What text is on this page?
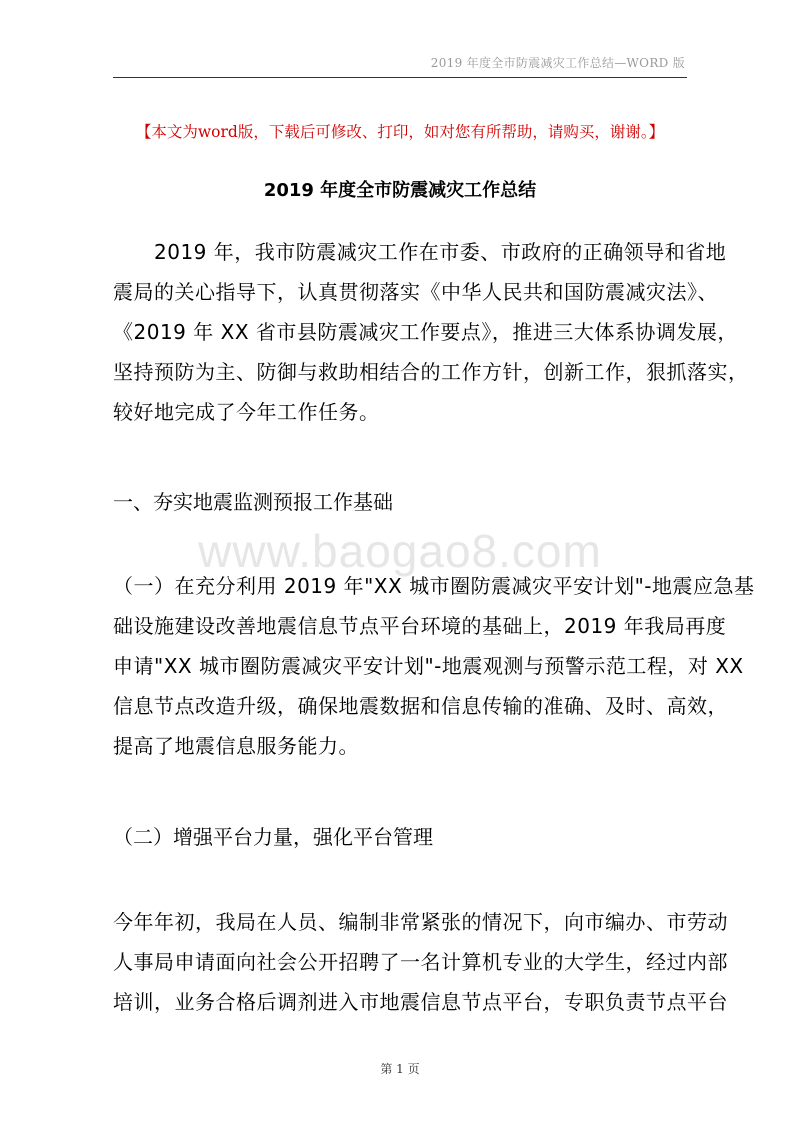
2019 年度全市防震减灾工作总结—WORD 版
【本文为word版，下载后可修改、打印，如对您有所帮助，请购买，谢谢。】
2019 年度全市防震减灾工作总结
　　2019 年，我市防震减灾工作在市委、市政府的正确领导和省地
震局的关心指导下，认真贯彻落实《中华人民共和国防震减灾法》、
《2019 年 XX 省市县防震减灾工作要点》，推进三大体系协调发展，
坚持预防为主、防御与救助相结合的工作方针，创新工作，狠抓落实，
较好地完成了今年工作任务。
一、夯实地震监测预报工作基础
www.baogao8.com
（一）在充分利用 2019 年"XX 城市圈防震减灾平安计划"-地震应急基
础设施建设改善地震信息节点平台环境的基础上，2019 年我局再度
申请"XX 城市圈防震减灾平安计划"-地震观测与预警示范工程，对 XX
信息节点改造升级，确保地震数据和信息传输的准确、及时、高效，
提高了地震信息服务能力。
（二）增强平台力量，强化平台管理
今年年初，我局在人员、编制非常紧张的情况下，向市编办、市劳动
人事局申请面向社会公开招聘了一名计算机专业的大学生，经过内部
培训，业务合格后调剂进入市地震信息节点平台，专职负责节点平台
第 1 页
